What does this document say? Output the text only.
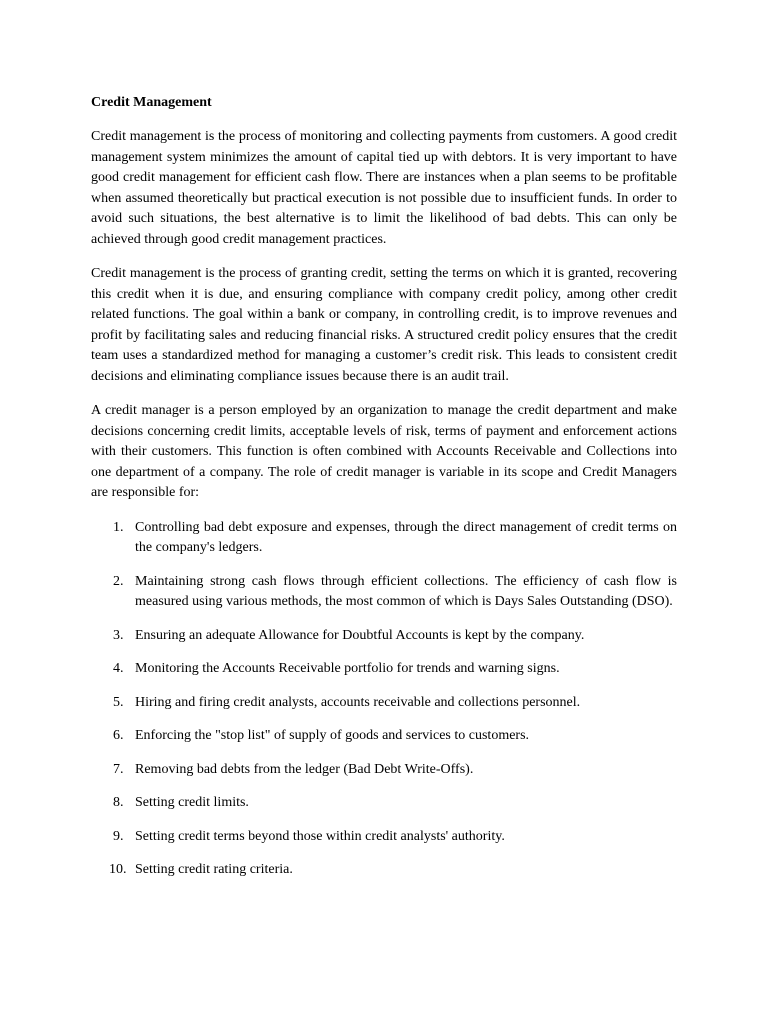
Credit Management

Credit management is the process of monitoring and collecting payments from customers. A good credit management system minimizes the amount of capital tied up with debtors. It is very important to have good credit management for efficient cash flow. There are instances when a plan seems to be profitable when assumed theoretically but practical execution is not possible due to insufficient funds. In order to avoid such situations, the best alternative is to limit the likelihood of bad debts. This can only be achieved through good credit management practices.

Credit management is the process of granting credit, setting the terms on which it is granted, recovering this credit when it is due, and ensuring compliance with company credit policy, among other credit related functions. The goal within a bank or company, in controlling credit, is to improve revenues and profit by facilitating sales and reducing financial risks. A structured credit policy ensures that the credit team uses a standardized method for managing a customer’s credit risk. This leads to consistent credit decisions and eliminating compliance issues because there is an audit trail.

A credit manager is a person employed by an organization to manage the credit department and make decisions concerning credit limits, acceptable levels of risk, terms of payment and enforcement actions with their customers. This function is often combined with Accounts Receivable and Collections into one department of a company. The role of credit manager is variable in its scope and Credit Managers are responsible for:

1. Controlling bad debt exposure and expenses, through the direct management of credit terms on the company's ledgers.
2. Maintaining strong cash flows through efficient collections. The efficiency of cash flow is measured using various methods, the most common of which is Days Sales Outstanding (DSO).
3. Ensuring an adequate Allowance for Doubtful Accounts is kept by the company.
4. Monitoring the Accounts Receivable portfolio for trends and warning signs.
5. Hiring and firing credit analysts, accounts receivable and collections personnel.
6. Enforcing the "stop list" of supply of goods and services to customers.
7. Removing bad debts from the ledger (Bad Debt Write-Offs).
8. Setting credit limits.
9. Setting credit terms beyond those within credit analysts' authority.
10. Setting credit rating criteria.
